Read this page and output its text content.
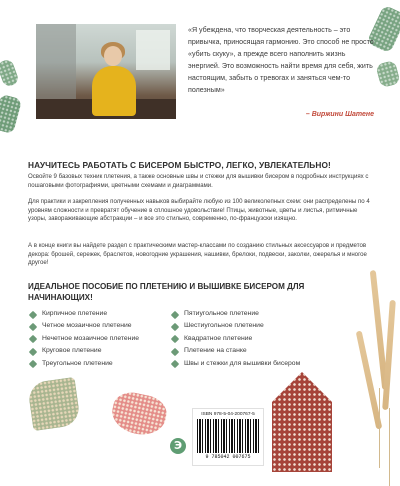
«Я убеждена, что творческая деятельность – это привычка, приносящая гармонию. Это способ не просто «убить скуку», а прежде всего наполнить жизнь энергией. Это возможность найти время для себя, жить настоящим, забыть о тревогах и заняться чем-то полезным»

– Виржини Шатене

НАУЧИТЕСЬ РАБОТАТЬ С БИСЕРОМ БЫСТРО, ЛЕГКО, УВЛЕКАТЕЛЬНО!

Освойте 9 базовых техник плетения, а также основные швы и стежки для вышивки бисером в подробных инструкциях с пошаговыми фотографиями, цветными схемами и диаграммами.

Для практики и закрепления полученных навыков выбирайте любую из 100 великолепных схем: они распределены по 4 уровням сложности и превратят обучение в сплошное удовольствие! Птицы, животные, цветы и листья, ритмичные узоры, завораживающие абстракции – и все это стильно, современно, по-французски изящно.

А в конце книги вы найдете раздел с практическими мастер-классами по созданию стильных аксессуаров и предметов декора: брошей, сережек, браслетов, новогодние украшения, нашивки, брелоки, подвески, заколки, ожерелья и многое другое!

ИДЕАЛЬНОЕ ПОСОБИЕ ПО ПЛЕТЕНИЮ И ВЫШИВКЕ БИСЕРОМ ДЛЯ НАЧИНАЮЩИХ!
Кирпичное плетение
Четное мозаичное плетение
Нечетное мозаичное плетение
Круговое плетение
Треугольное плетение
Пятиугольное плетение
Шестиугольное плетение
Квадратное плетение
Плетение на станке
Швы и стежки для вышивки бисером
Э
ISBN 978-5-04-200767-5
9 785042 007675
